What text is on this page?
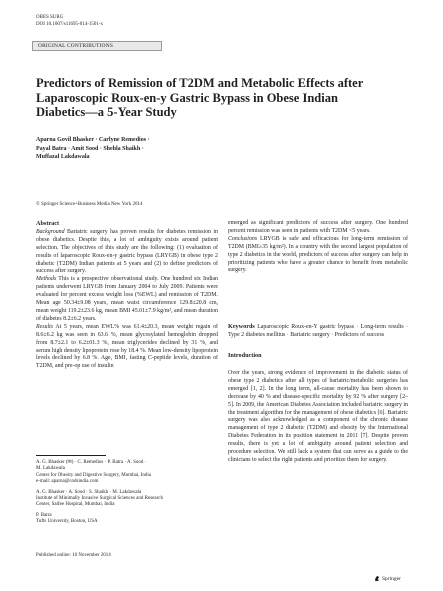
OBES SURG
DOI 10.1007/s11695-014-1501-x
ORIGINAL CONTRIBUTIONS
Predictors of Remission of T2DM and Metabolic Effects after Laparoscopic Roux-en-y Gastric Bypass in Obese Indian Diabetics—a 5-Year Study
Aparna Govil Bhasker · Carlyne Remedios ·
Payal Batra · Amit Sood · Shehla Shaikh ·
Muffazal Lakdawala
© Springer Science+Business Media New York 2014

Abstract

Background Bariatric surgery has proven results for diabetes remission in obese diabetics. Despite this, a lot of ambiguity exists around patient selection. The objectives of this study are the following: (1) evaluation of results of laparoscopic Roux-en-y gastric bypass (LRYGB) in obese type 2 diabetic (T2DM) Indian patients at 5 years and (2) to define predictors of success after surgery.

Methods This is a prospective observational study. One hundred six Indian patients underwent LRYGB from January 2004 to July 2009. Patients were evaluated for percent excess weight loss (%EWL) and remission of T2DM. Mean age 50.34±9.08 years, mean waist circumference 129.8±20.8 cm, mean weight 119.2±23.6 kg, mean BMI 45.01±7.9 kg/m², and mean duration of diabetes 8.2±6.2 years.

Results At 5 years, mean EWL% was 61.4±20.3, mean weight regain of 8.6±6.2 kg was seen in 63.6 %, mean glycosylated hemoglobin dropped from 8.7±2.1 to 6.2±01.3 %, mean triglycerides declined by 31 %, and serum high density lipoprotein rose by 18.4 %. Mean low-density lipoprotein levels declined by 6.8 %. Age, BMI, fasting C-peptide levels, duration of T2DM, and pre-op use of insulin

A. G. Bhasker (✉) · C. Remedios · P. Batra · A. Sood ·
M. Lakdawala
Center for Obesity and Digestive Surgery, Mumbai, India
e-mail: aparna@codsindia.com
A. G. Bhasker · A. Sood · S. Shaikh · M. Lakdawala
Institute of Minimally Invasive Surgical Sciences and Research
Center, Saifee Hospital, Mumbai, India
P. Batra
Tufts University, Boston, USA
Published online: 16 November 2014

emerged as significant predictors of success after surgery. One hundred percent remission was seen in patients with T2DM <5 years.

Conclusions LRYGB is safe and efficacious for long-term remission of T2DM (BMI≥35 kg/m²). In a country with the second largest population of type 2 diabetics in the world, predictors of success after surgery can help in prioritizing patients who have a greater chance to benefit from metabolic surgery.

Keywords Laparoscopic Roux-en-Y gastric bypass · Long-term results · Type 2 diabetes mellitus · Bariatric surgery · Predictors of success
Introduction
Over the years, strong evidence of improvement in the diabetic status of obese type 2 diabetics after all types of bariatric/metabolic surgeries has emerged [1, 2]. In the long term, all-cause mortality has been shown to decrease by 40 % and disease-specific mortality by 92 % after surgery [2–5]. In 2009, the American Diabetes Association included bariatric surgery in the treatment algorithm for the management of obese diabetics [6]. Bariatric surgery was also acknowledged as a component of the chronic disease management of type 2 diabetic (T2DM) and obesity by the International Diabetes Federation in its position statement in 2011 [7]. Despite proven results, there is yet a lot of ambiguity around patient selection and procedure selection. We still lack a system that can serve as a guide to the clinicians to select the right patients and prioritize them for surgery.
Springer
